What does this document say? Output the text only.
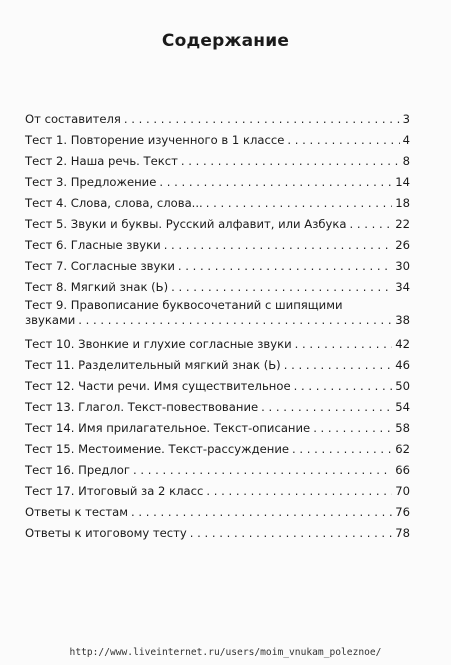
Содержание
От составителя . . .	3
Тест 1. Повторение изученного в 1 классе . . .	4
Тест 2. Наша речь. Текст . . .	8
Тест 3. Предложение . . .	14
Тест 4. Слова, слова, слова... . . .	18
Тест 5. Звуки и буквы. Русский алфавит, или Азбука . . .	22
Тест 6. Гласные звуки . . .	26
Тест 7. Согласные звуки . . .	30
Тест 8. Мягкий знак (Ь) . . .	34
Тест 9. Правописание буквосочетаний с шипящими
звуками . . .	38
Тест 10. Звонкие и глухие согласные звуки . . .	42
Тест 11. Разделительный мягкий знак (Ь) . . .	46
Тест 12. Части речи. Имя существительное . . .	50
Тест 13. Глагол. Текст-повествование . . .	54
Тест 14. Имя прилагательное. Текст-описание . . .	58
Тест 15. Местоимение. Текст-рассуждение . . .	62
Тест 16. Предлог . . .	66
Тест 17. Итоговый за 2 класс . . .	70
Ответы к тестам . . .	76
Ответы к итоговому тесту . . .	78
http://www.liveinternet.ru/users/moim_vnukam_poleznoe/
